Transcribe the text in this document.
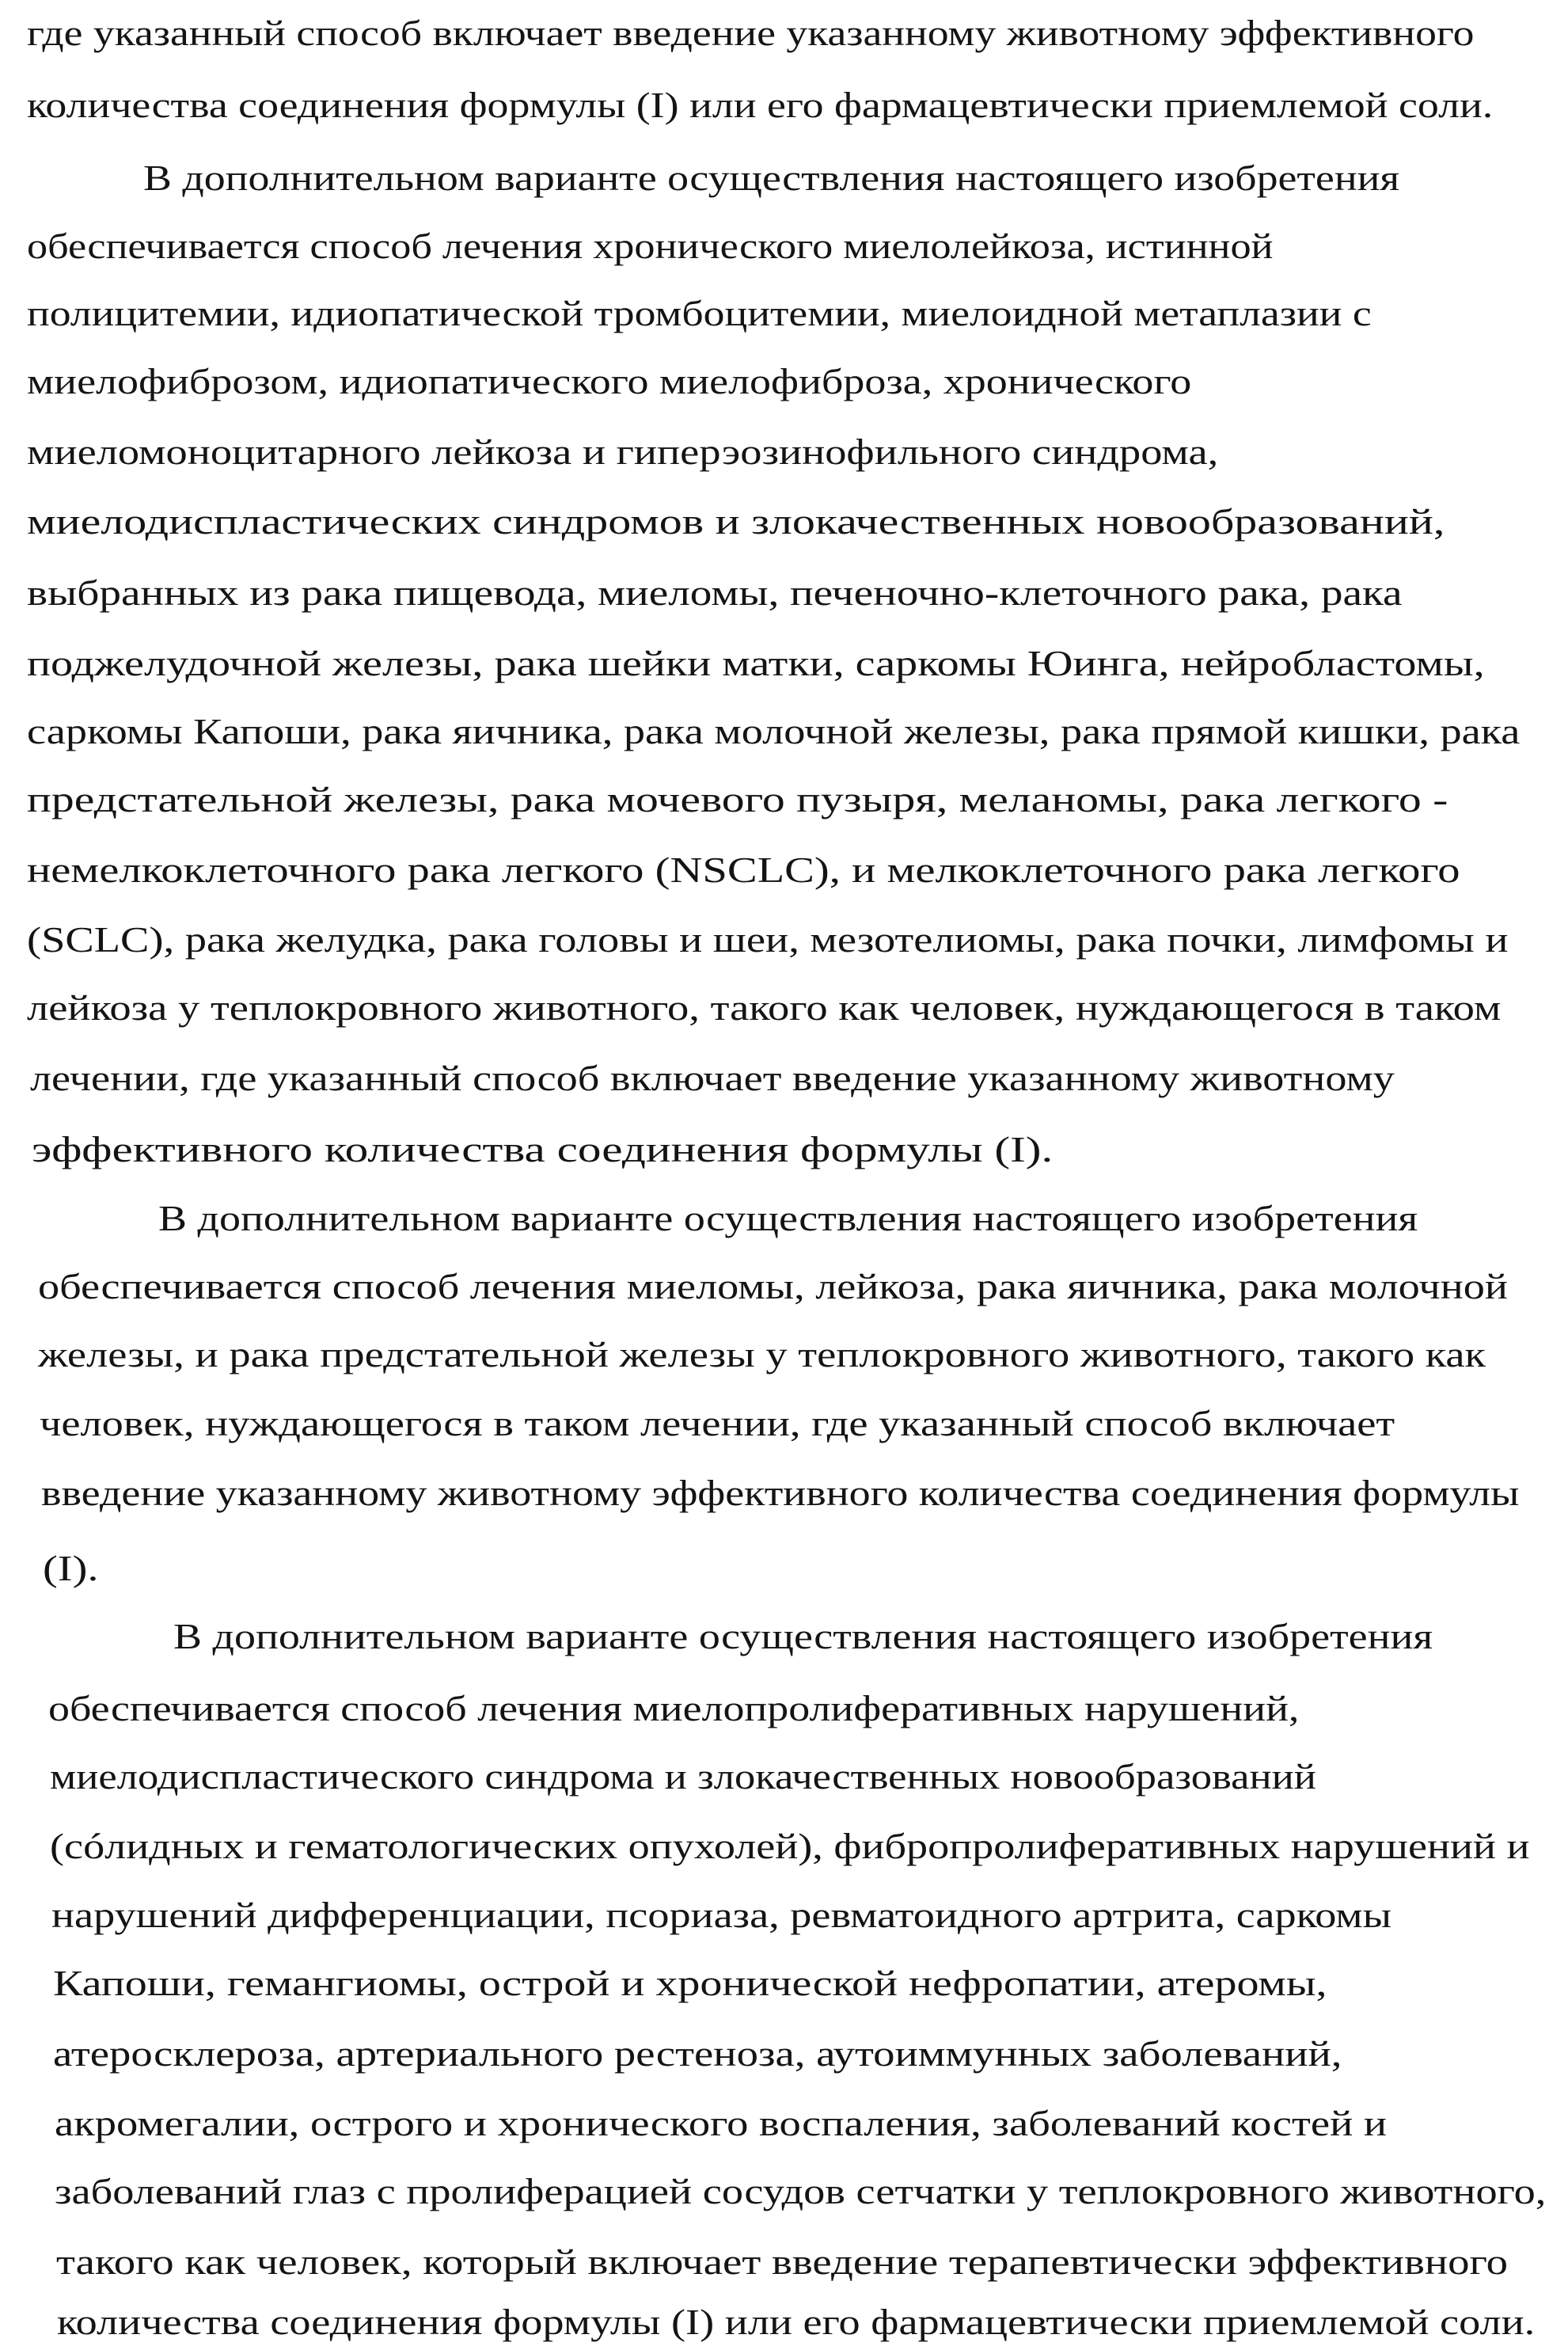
где указанный способ включает введение указанному животному эффективного
количества соединения формулы (I) или его фармацевтически приемлемой соли.
В дополнительном варианте осуществления настоящего изобретения
обеспечивается способ лечения хронического миелолейкоза, истинной
полицитемии, идиопатической тромбоцитемии, миелоидной метаплазии с
миелофиброзом, идиопатического миелофиброза, хронического
миеломоноцитарного лейкоза и гиперэозинофильного синдрома,
миелодиспластических синдромов и злокачественных новообразований,
выбранных из рака пищевода, миеломы, печеночно-клеточного рака, рака
поджелудочной железы, рака шейки матки, саркомы Юинга, нейробластомы,
саркомы Капоши, рака яичника, рака молочной железы, рака прямой кишки, рака
предстательной железы, рака мочевого пузыря, меланомы, рака легкого -
немелкоклеточного рака легкого (NSCLC), и мелкоклеточного рака легкого
(SCLC), рака желудка, рака головы и шеи, мезотелиомы, рака почки, лимфомы и
лейкоза у теплокровного животного, такого как человек, нуждающегося в таком
лечении, где указанный способ включает введение указанному животному
эффективного количества соединения формулы (I).
В дополнительном варианте осуществления настоящего изобретения
обеспечивается способ лечения миеломы, лейкоза, рака яичника, рака молочной
железы, и рака предстательной железы у теплокровного животного, такого как
человек, нуждающегося в таком лечении, где указанный способ включает
введение указанному животному эффективного количества соединения формулы
(I).
В дополнительном варианте осуществления настоящего изобретения
обеспечивается способ лечения миелопролиферативных нарушений,
миелодиспластического синдрома и злокачественных новообразований
(сóлидных и гематологических опухолей), фибропролиферативных нарушений и
нарушений дифференциации, псориаза, ревматоидного артрита, саркомы
Капоши, гемангиомы, острой и хронической нефропатии, атеромы,
атеросклероза, артериального рестеноза, аутоиммунных заболеваний,
акромегалии, острого и хронического воспаления, заболеваний костей и
заболеваний глаз с пролиферацией сосудов сетчатки у теплокровного животного,
такого как человек, который включает введение терапевтически эффективного
количества соединения формулы (I) или его фармацевтически приемлемой соли.
